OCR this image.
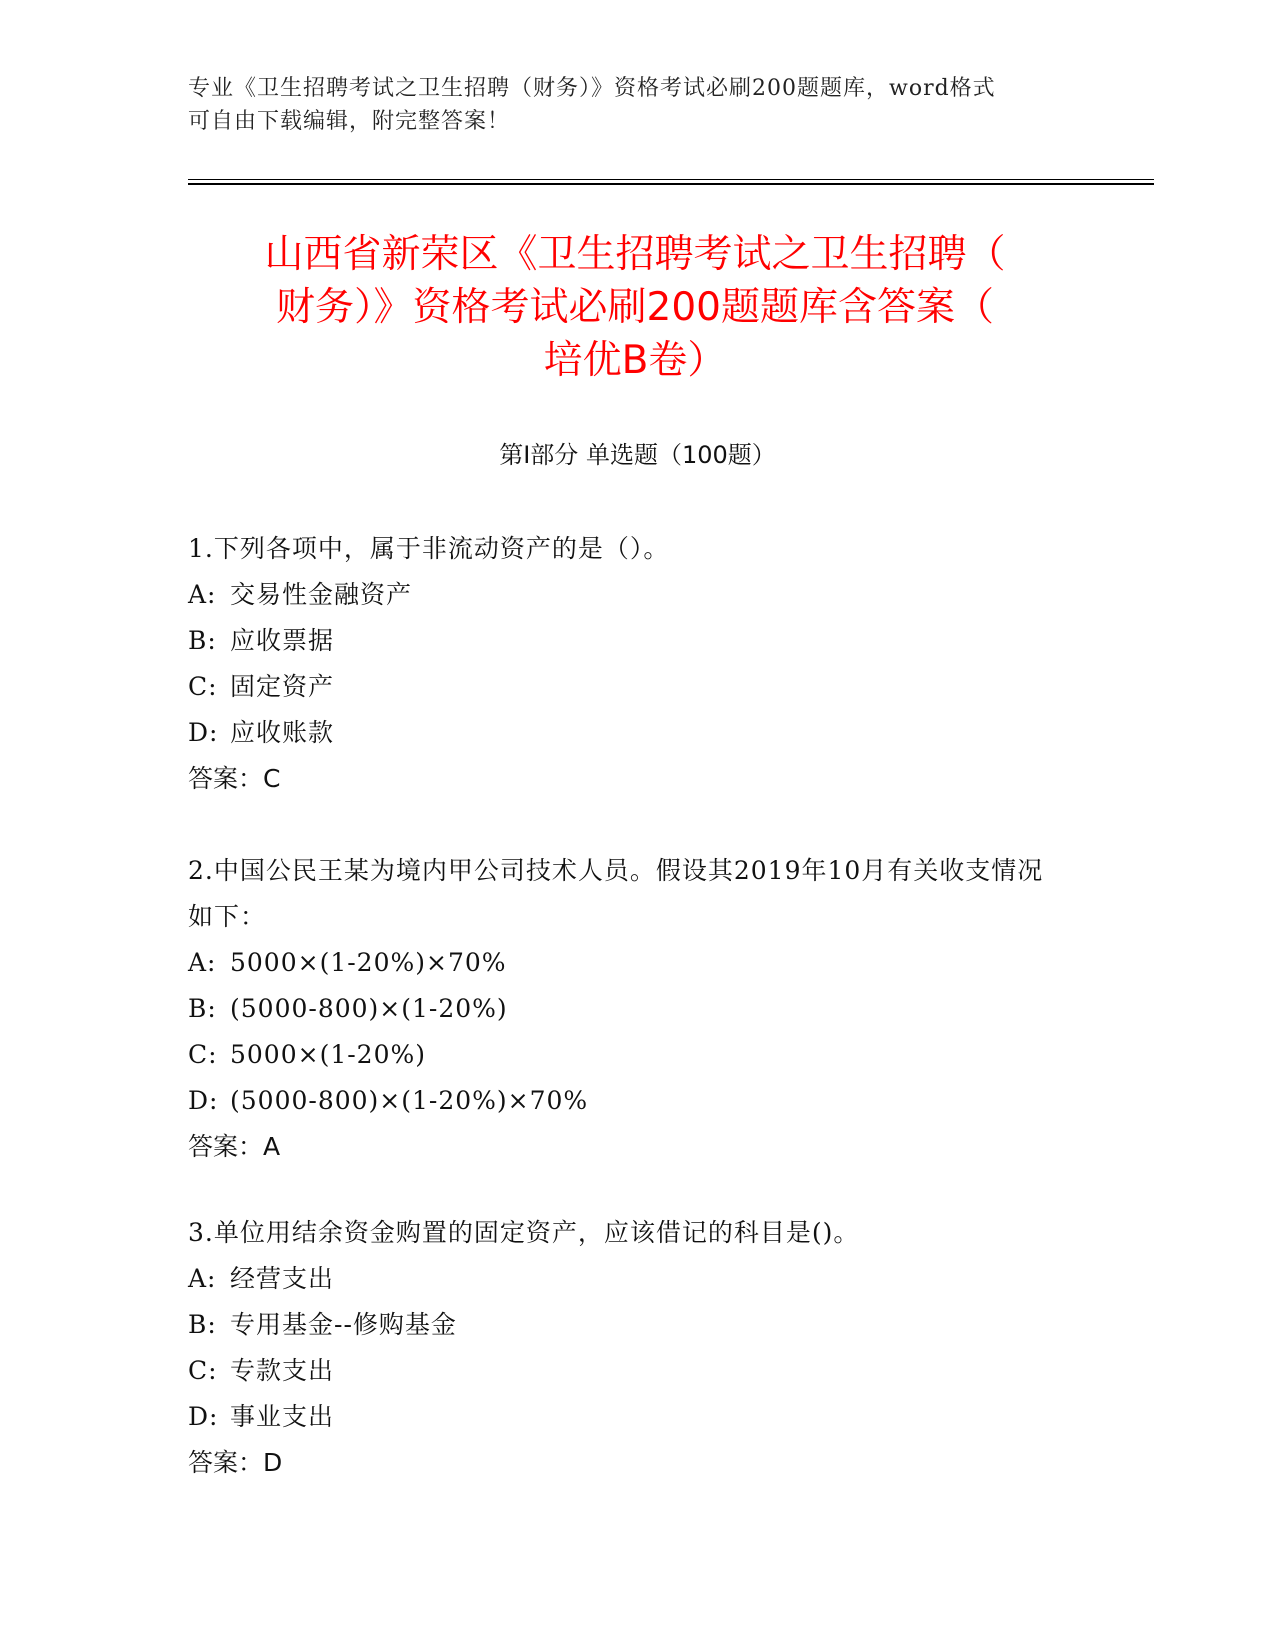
专业《卫生招聘考试之卫生招聘（财务）》资格考试必刷200题题库，word格式
可自由下载编辑，附完整答案！
山西省新荣区《卫生招聘考试之卫生招聘（
财务）》资格考试必刷200题题库含答案（
培优B卷）
第Ⅰ部分 单选题（100题）

1.下列各项中，属于非流动资产的是（）。

A: 交易性金融资产

B: 应收票据

C: 固定资产

D: 应收账款

答案：C

2.中国公民王某为境内甲公司技术人员。假设其2019年10月有关收支情况如下：

A: 5000×(1-20%)×70%

B: (5000-800)×(1-20%)

C: 5000×(1-20%)

D: (5000-800)×(1-20%)×70%

答案：A

3.单位用结余资金购置的固定资产，应该借记的科目是()。

A: 经营支出

B: 专用基金--修购基金

C: 专款支出

D: 事业支出

答案：D
